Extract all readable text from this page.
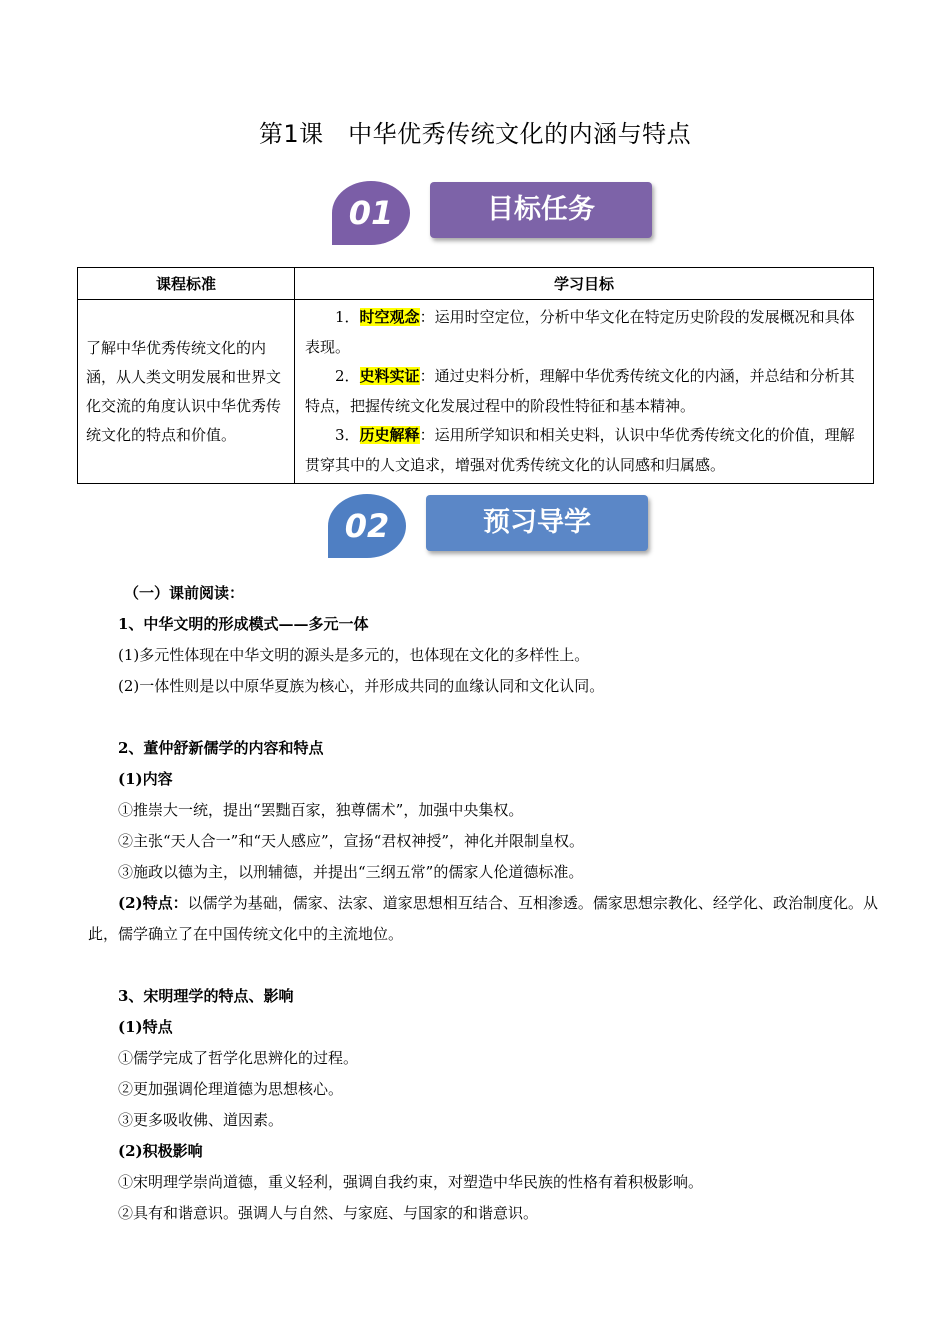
第1课　中华优秀传统文化的内涵与特点
01	目标任务
课程标准	学习目标
了解中华优秀传统文化的内涵，从人类文明发展和世界文化交流的角度认识中华优秀传统文化的特点和价值。	1．时空观念：运用时空定位，分析中华文化在特定历史阶段的发展概况和具体表现。

2．史料实证：通过史料分析，理解中华优秀传统文化的内涵，并总结和分析其特点，把握传统文化发展过程中的阶段性特征和基本精神。

3．历史解释：运用所学知识和相关史料，认识中华优秀传统文化的价值，理解贯穿其中的人文追求，增强对优秀传统文化的认同感和归属感。

02	预习导学

（一）课前阅读：

1、中华文明的形成模式——多元一体

(1)多元性体现在中华文明的源头是多元的，也体现在文化的多样性上。

(2)一体性则是以中原华夏族为核心，并形成共同的血缘认同和文化认同。

2、董仲舒新儒学的内容和特点

(1)内容

①推崇大一统，提出“罢黜百家，独尊儒术”，加强中央集权。

②主张“天人合一”和“天人感应”，宣扬“君权神授”，神化并限制皇权。

③施政以德为主，以刑辅德，并提出“三纲五常”的儒家人伦道德标准。

(2)特点：以儒学为基础，儒家、法家、道家思想相互结合、互相渗透。儒家思想宗教化、经学化、政治制度化。从此，儒学确立了在中国传统文化中的主流地位。

3、宋明理学的特点、影响

(1)特点

①儒学完成了哲学化思辨化的过程。

②更加强调伦理道德为思想核心。

③更多吸收佛、道因素。

(2)积极影响

①宋明理学崇尚道德，重义轻利，强调自我约束，对塑造中华民族的性格有着积极影响。

②具有和谐意识。强调人与自然、与家庭、与国家的和谐意识。
